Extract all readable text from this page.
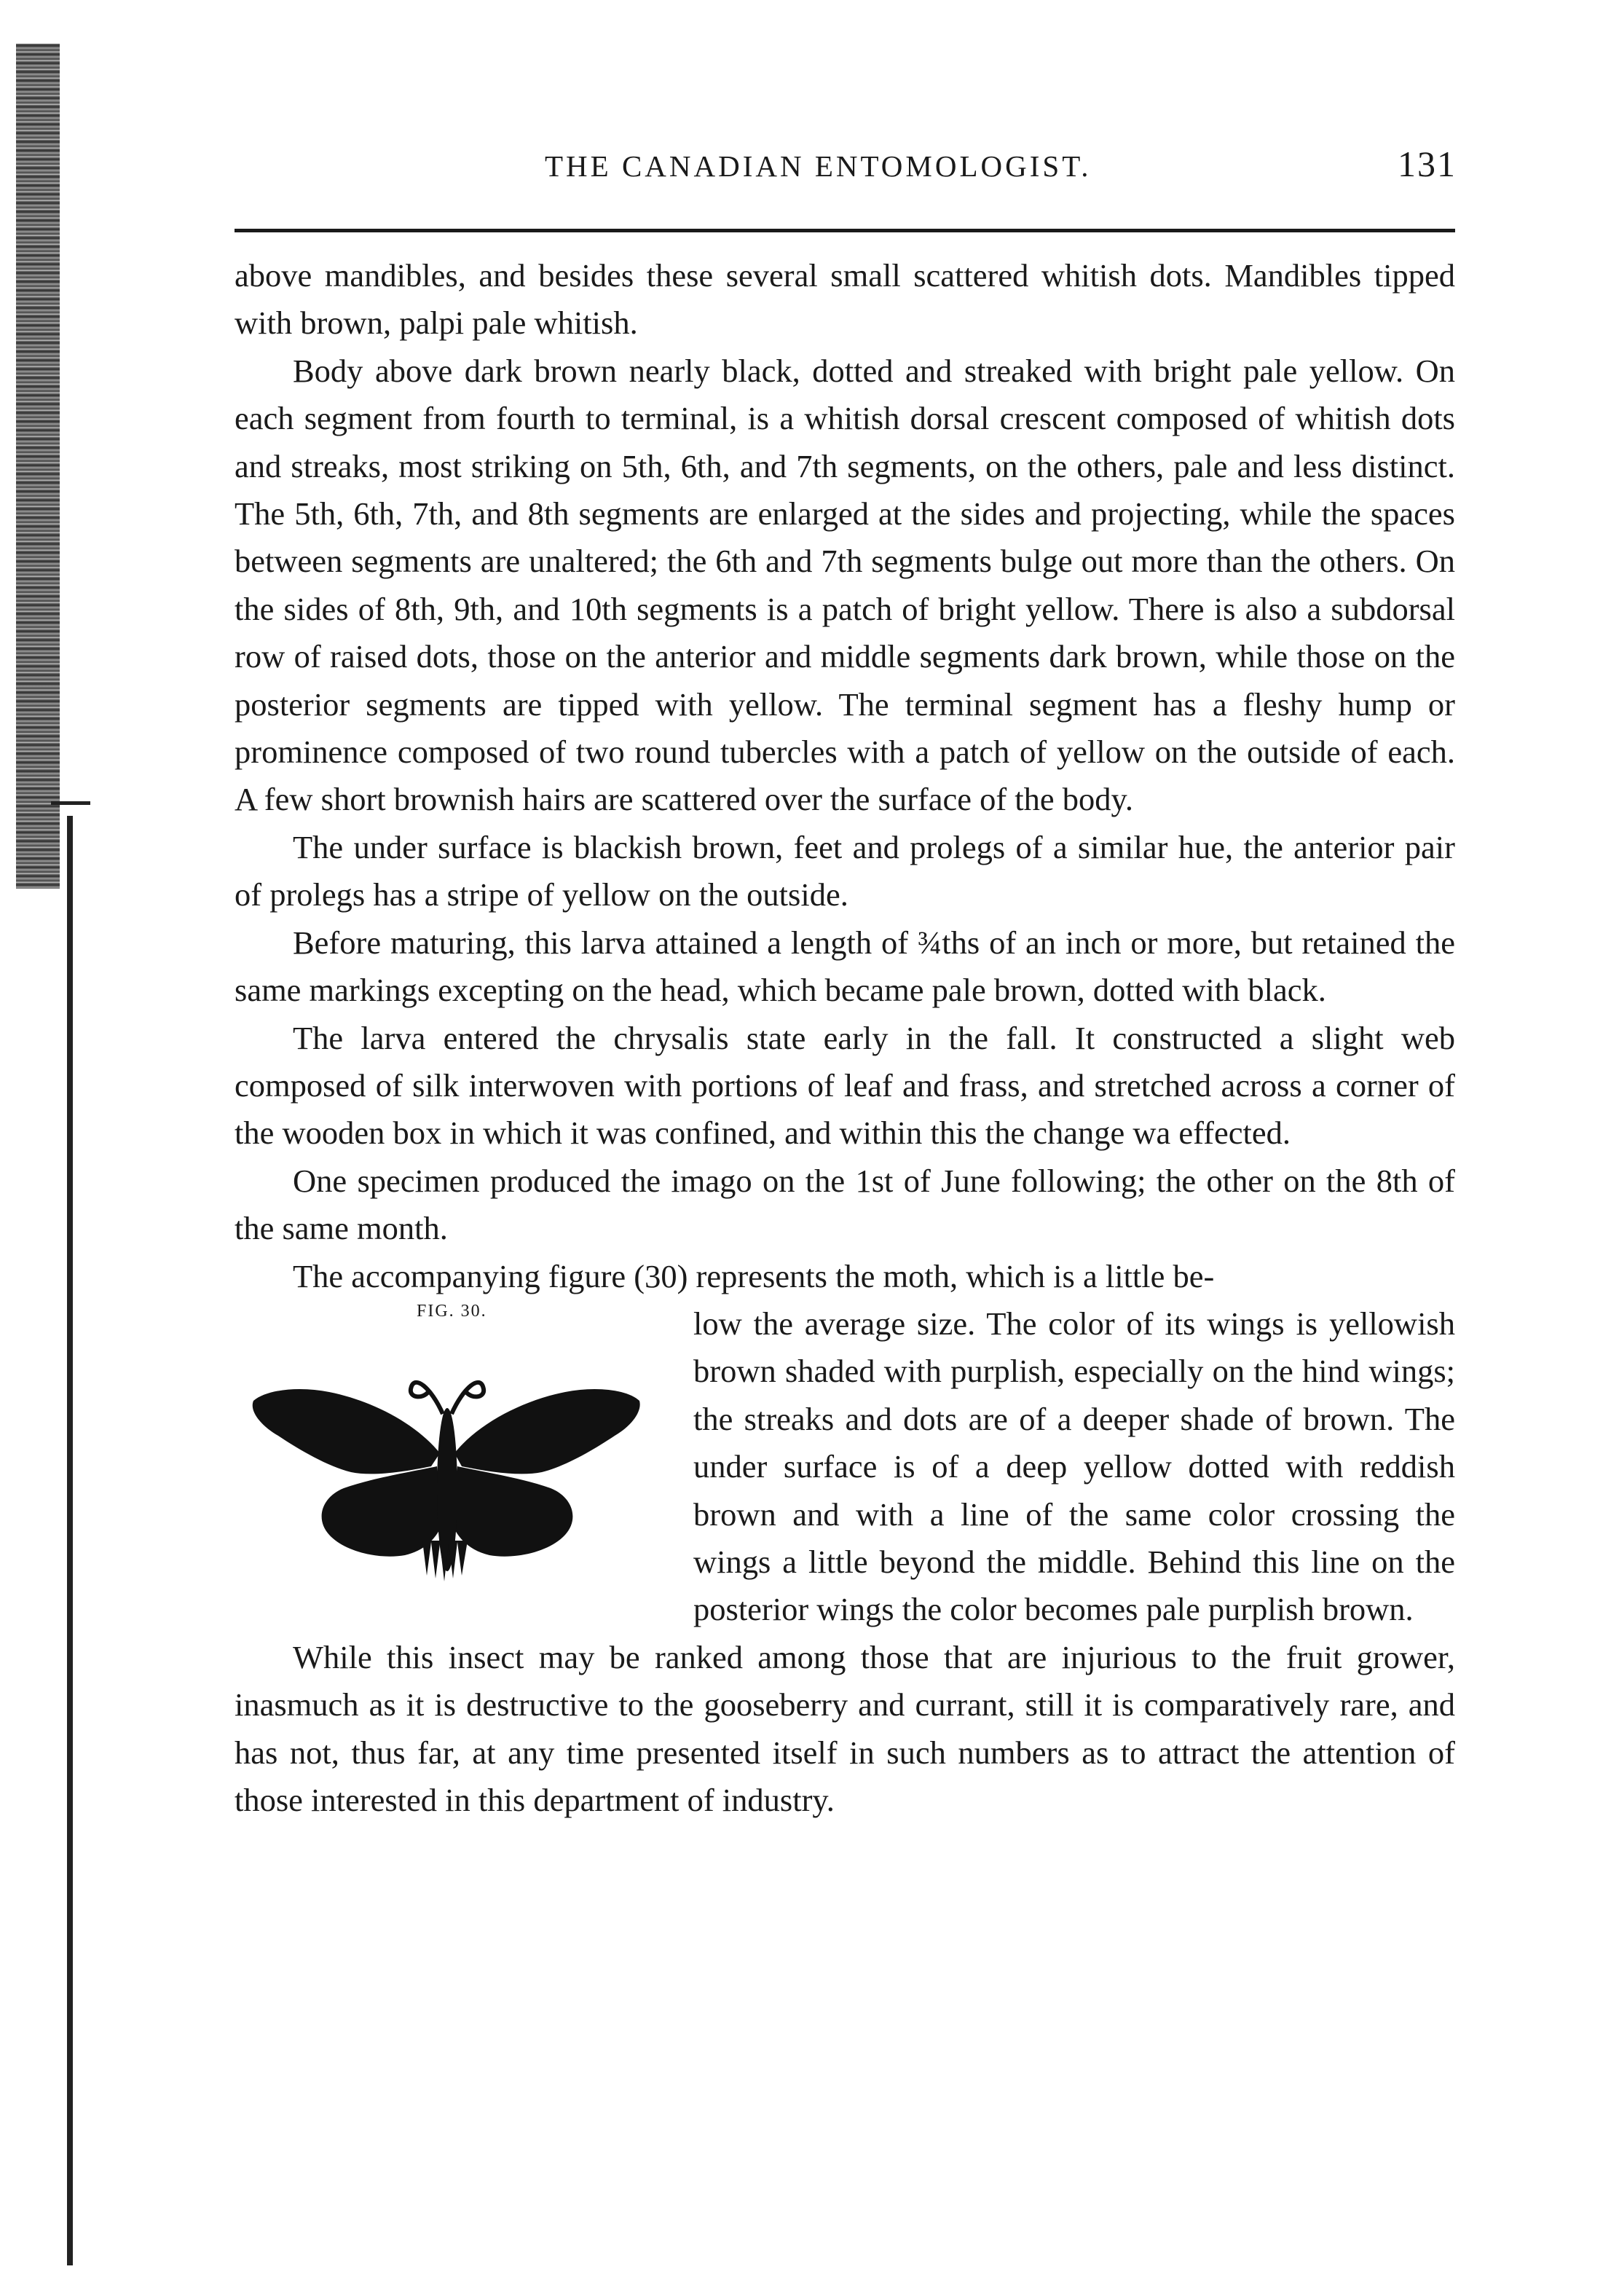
THE CANADIAN ENTOMOLOGIST.	131

above mandibles, and besides these several small scattered whitish dots. Mandibles tipped with brown, palpi pale whitish.

Body above dark brown nearly black, dotted and streaked with bright pale yellow. On each segment from fourth to terminal, is a whitish dorsal crescent composed of whitish dots and streaks, most striking on 5th, 6th, and 7th segments, on the others, pale and less distinct. The 5th, 6th, 7th, and 8th segments are enlarged at the sides and projecting, while the spaces between segments are unaltered; the 6th and 7th segments bulge out more than the others. On the sides of 8th, 9th, and 10th segments is a patch of bright yellow. There is also a subdorsal row of raised dots, those on the anterior and middle segments dark brown, while those on the posterior segments are tipped with yellow. The terminal segment has a fleshy hump or prominence composed of two round tubercles with a patch of yellow on the outside of each. A few short brownish hairs are scattered over the surface of the body.

The under surface is blackish brown, feet and prolegs of a similar hue, the anterior pair of prolegs has a stripe of yellow on the outside.

Before maturing, this larva attained a length of ¾ths of an inch or more, but retained the same markings excepting on the head, which became pale brown, dotted with black.

The larva entered the chrysalis state early in the fall. It constructed a slight web composed of silk interwoven with portions of leaf and frass, and stretched across a corner of the wooden box in which it was confined, and within this the change wa effected.

One specimen produced the imago on the 1st of June following; the other on the 8th of the same month.

The accompanying figure (30) represents the moth, which is a little be-

FIG. 30.	low the average size. The color of its wings is yellowish brown shaded with purplish, especially on the hind wings; the streaks and dots are of a deeper shade of brown. The under surface is of a deep yellow dotted with reddish brown and with a line of the same color crossing the wings a little beyond the middle. Behind this line on the posterior wings the color becomes pale purplish brown.

While this insect may be ranked among those that are injurious to the fruit grower, inasmuch as it is destructive to the gooseberry and currant, still it is comparatively rare, and has not, thus far, at any time presented itself in such numbers as to attract the attention of those interested in this department of industry.
